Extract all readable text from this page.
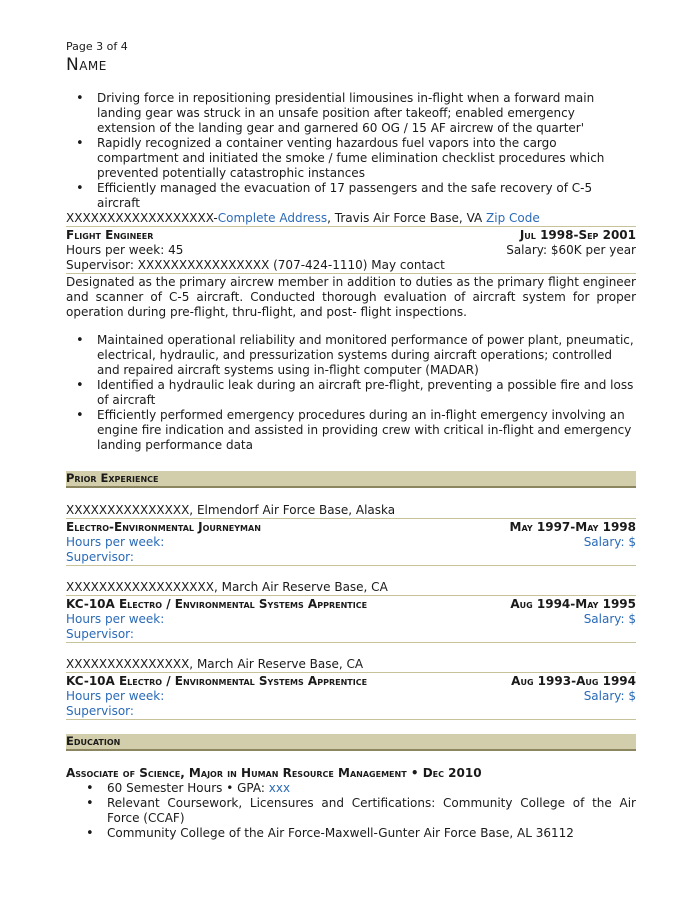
Page 3 of 4
Name
• Driving force in repositioning presidential limousines in-flight when a forward main landing gear was struck in an unsafe position after takeoff; enabled emergency extension of the landing gear and garnered 60 OG / 15 AF aircrew of the quarter'
• Rapidly recognized a container venting hazardous fuel vapors into the cargo compartment and initiated the smoke / fume elimination checklist procedures which prevented potentially catastrophic instances
• Efficiently managed the evacuation of 17 passengers and the safe recovery of C-5 aircraft
XXXXXXXXXXXXXXXXXX-Complete Address, Travis Air Force Base, VA Zip Code
Flight Engineer	Jul 1998-Sep 2001
Hours per week: 45	Salary: $60K per year
Supervisor: XXXXXXXXXXXXXXXX (707-424-1110) May contact
Designated as the primary aircrew member in addition to duties as the primary flight engineer and scanner of C-5 aircraft. Conducted thorough evaluation of aircraft system for proper operation during pre-flight, thru-flight, and post- flight inspections.
• Maintained operational reliability and monitored performance of power plant, pneumatic, electrical, hydraulic, and pressurization systems during aircraft operations; controlled and repaired aircraft systems using in-flight computer (MADAR)
• Identified a hydraulic leak during an aircraft pre-flight, preventing a possible fire and loss of aircraft
• Efficiently performed emergency procedures during an in-flight emergency involving an engine fire indication and assisted in providing crew with critical in-flight and emergency landing performance data
Prior Experience
XXXXXXXXXXXXXXX, Elmendorf Air Force Base, Alaska
Electro-Environmental Journeyman	May 1997-May 1998
Hours per week:	Salary: $
Supervisor:
XXXXXXXXXXXXXXXXXX, March Air Reserve Base, CA
KC-10A Electro / Environmental Systems Apprentice	Aug 1994-May 1995
Hours per week:	Salary: $
Supervisor:
XXXXXXXXXXXXXXX, March Air Reserve Base, CA
KC-10A Electro / Environmental Systems Apprentice	Aug 1993-Aug 1994
Hours per week:	Salary: $
Supervisor:
Education
Associate of Science, Major in Human Resource Management • Dec 2010
• 60 Semester Hours • GPA: xxx
• Relevant Coursework, Licensures and Certifications: Community College of the Air Force (CCAF)
• Community College of the Air Force-Maxwell-Gunter Air Force Base, AL 36112
